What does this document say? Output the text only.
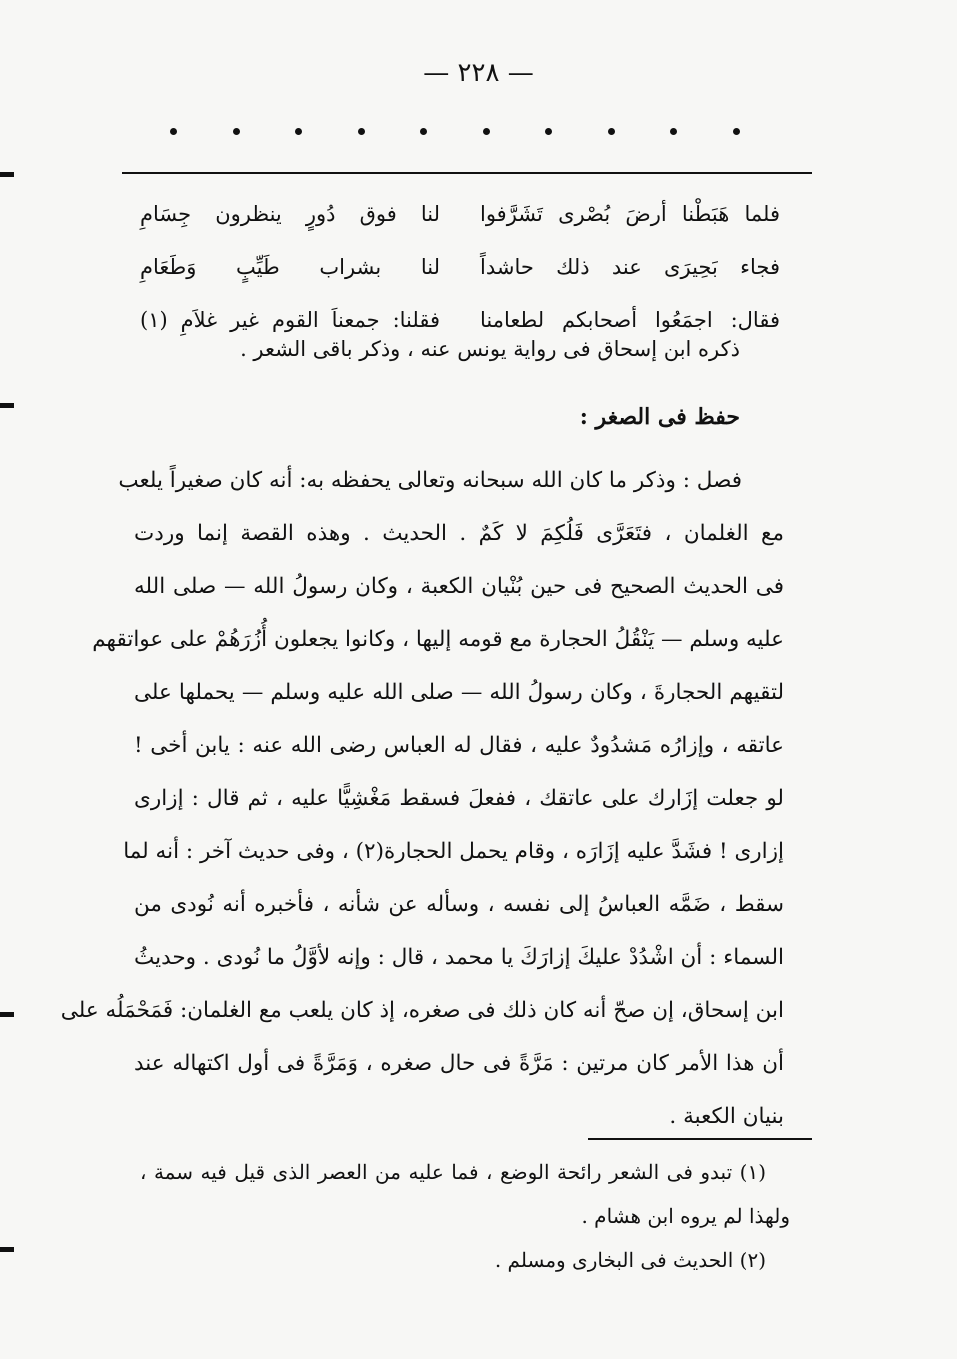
— ٢٢٨ —
فلما هَبَطْنا أرضَ بُصْرى تَشَرَّفوا
لنا فوق دُورٍ ينظرون جِسَامِ
فجاء بَحِيرَى عند ذلك حاشداً
لنا بشراب طَيِّبٍ وَطَعَامِ
فقال: اجمَعُوا أصحابكم لطعامنا
فقلنا: جمعناَ القوم غير غلاَمِ (١)
ذكره ابن إسحاق فى رواية يونس عنه ، وذكر باقى الشعر .
حفظ فى الصغر :
فصل : وذكر ما كان الله سبحانه وتعالى يحفظه به: أنه كان صغيراً يلعب
مع الغلمان ، فتَعَرَّى فَلُكِمَ لا كَمٌ . الحديث . وهذه القصة إنما وردت
فى الحديث الصحيح فى حين بُنْيان الكعبة ، وكان رسولُ الله — صلى الله
عليه وسلم — يَنْقُلُ الحجارة مع قومه إليها ، وكانوا يجعلون أُزُرَهُمْ على عواتقهم
لتقيهم الحجارةَ ، وكان رسولُ الله — صلى الله عليه وسلم — يحملها على
عاتقه ، وإزارُه مَشدُودٌ عليه ، فقال له العباس رضى الله عنه : يابن أخى !
لو جعلت إزَارك على عاتقك ، ففعلَ فسقط مَغْشِيًّا عليه ، ثم قال : إزارى
إزارى ! فشَدَّ عليه إزَارَه ، وقام يحمل الحجارة(٢) ، وفى حديث آخر : أنه لما
سقط ، ضَمَّه العباسُ إلى نفسه ، وسأله عن شأنه ، فأخبره أنه نُودى من
السماء : أن اشْدُدْ عليكَ إزارَكَ يا محمد ، قال : وإنه لأوَّلُ ما نُودى . وحديثُ
ابن إسحاق، إن صحّ أنه كان ذلك فى صغره، إذ كان يلعب مع الغلمان: فَمَحْمَلُه على
أن هذا الأمر كان مرتين : مَرَّةً فى حال صغره ، وَمَرَّةً فى أول اكتهاله عند
بنيان الكعبة .
(١) تبدو فى الشعر رائحة الوضع ، فما عليه من العصر الذى قيل فيه سمة ،
ولهذا لم يروه ابن هشام .
(٢) الحديث فى البخارى ومسلم .
